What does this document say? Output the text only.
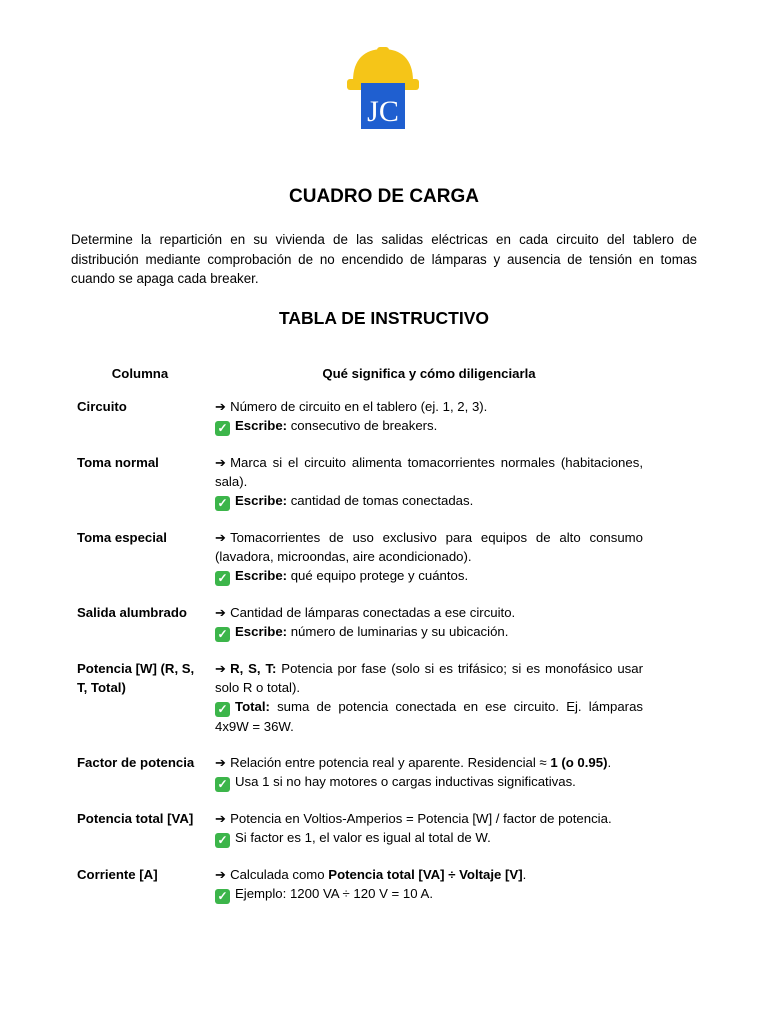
JC
CUADRO DE CARGA

Determine la repartición en su vivienda de las salidas eléctricas en cada circuito del tablero de distribución mediante comprobación de no encendido de lámparas y ausencia de tensión en tomas cuando se apaga cada breaker.

TABLA DE INSTRUCTIVO
Columna	Qué significa y cómo diligenciarla
Circuito	➔ Número de circuito en el tablero (ej. 1, 2, 3).
✓ Escribe: consecutivo de breakers.

Toma normal	➔ Marca si el circuito alimenta tomacorrientes normales (habitaciones, sala).
✓ Escribe: cantidad de tomas conectadas.

Toma especial	➔ Tomacorrientes de uso exclusivo para equipos de alto consumo (lavadora, microondas, aire acondicionado).
✓ Escribe: qué equipo protege y cuántos.

Salida alumbrado	➔ Cantidad de lámparas conectadas a ese circuito.
✓ Escribe: número de luminarias y su ubicación.

Potencia [W] (R, S, T, Total)	➔ R, S, T: Potencia por fase (solo si es trifásico; si es monofásico usar solo R o total).
✓ Total: suma de potencia conectada en ese circuito. Ej. lámparas 4x9W = 36W.

Factor de potencia	➔ Relación entre potencia real y aparente. Residencial ≈ 1 (o 0.95).
✓ Usa 1 si no hay motores o cargas inductivas significativas.

Potencia total [VA]	➔ Potencia en Voltios-Amperios = Potencia [W] / factor de potencia.
✓ Si factor es 1, el valor es igual al total de W.

Corriente [A]	➔ Calculada como Potencia total [VA] ÷ Voltaje [V].
✓ Ejemplo: 1200 VA ÷ 120 V = 10 A.
